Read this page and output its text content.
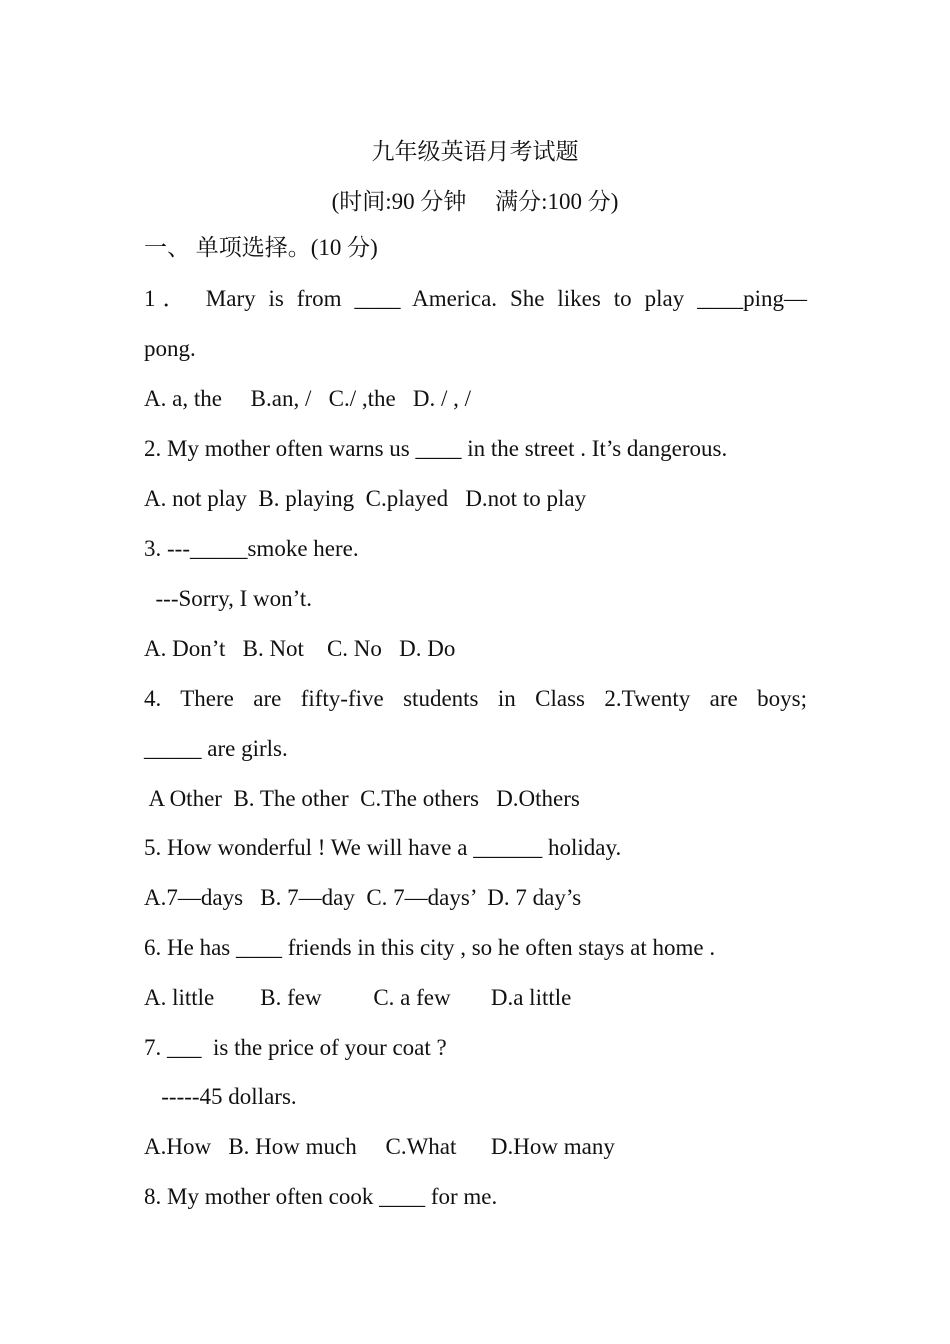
九年级英语月考试题
(时间:90 分钟     满分:100 分)
一、 单项选择。(10 分)
1． Mary is from ____ America. She likes to play ____ping—
pong.
A. a, the     B.an, /   C./ ,the   D. / , /
2. My mother often warns us ____ in the street . It’s dangerous.
A. not play  B. playing  C.played   D.not to play
3. ---_____smoke here.
---Sorry, I won’t.
A. Don’t   B. Not    C. No   D. Do
4. There are fifty-five students in Class 2.Twenty are boys;
_____ are girls.
A Other  B. The other  C.The others   D.Others
5. How wonderful ! We will have a ______ holiday.
A.7—days   B. 7—day  C. 7—days’  D. 7 day’s
6. He has ____ friends in this city , so he often stays at home .
A. little        B. few         C. a few       D.a little
7. ___  is the price of your coat ?
-----45 dollars.
A.How   B. How much     C.What      D.How many
8. My mother often cook ____ for me.
